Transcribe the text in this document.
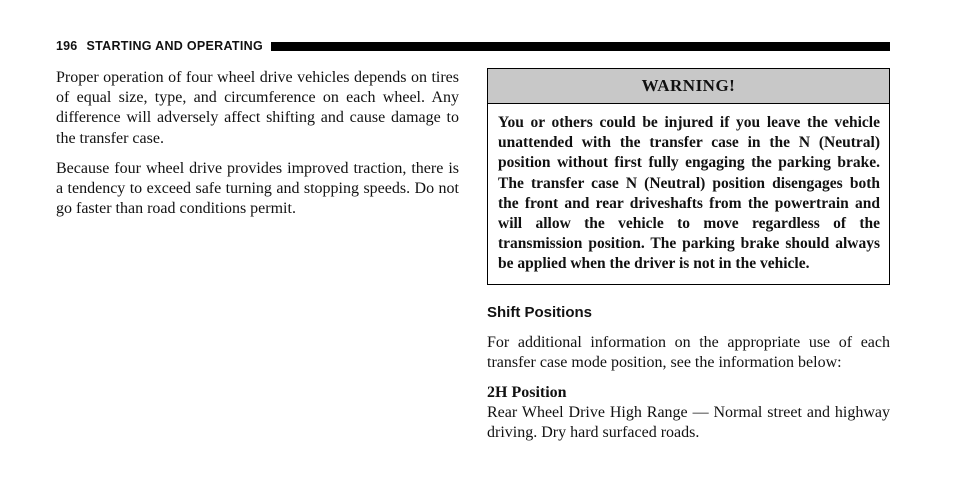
196 STARTING AND OPERATING

Proper operation of four wheel drive vehicles depends on tires of equal size, type, and circumference on each wheel. Any difference will adversely affect shifting and cause damage to the transfer case.

Because four wheel drive provides improved traction, there is a tendency to exceed safe turning and stopping speeds. Do not go faster than road conditions permit.

WARNING!
You or others could be injured if you leave the vehicle unattended with the transfer case in the N (Neutral) position without first fully engaging the parking brake. The transfer case N (Neutral) position disengages both the front and rear driveshafts from the powertrain and will allow the vehicle to move regardless of the transmission position. The parking brake should always be applied when the driver is not in the vehicle.
Shift Positions

For additional information on the appropriate use of each transfer case mode position, see the information below:

2H Position

Rear Wheel Drive High Range — Normal street and highway driving. Dry hard surfaced roads.
